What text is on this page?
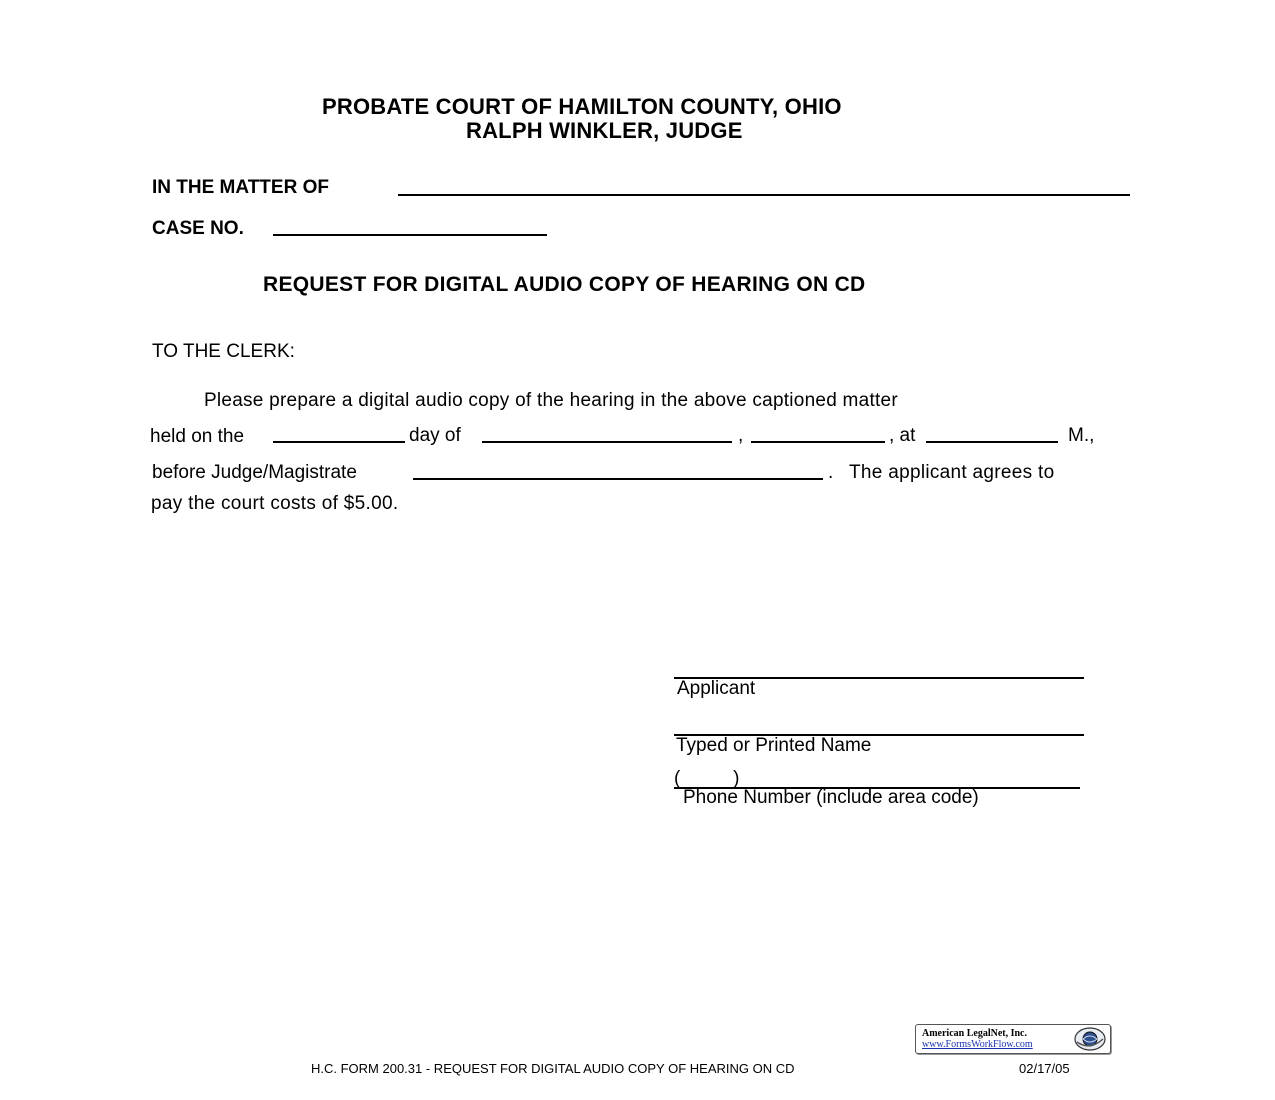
PROBATE COURT OF HAMILTON COUNTY, OHIO
RALPH WINKLER, JUDGE
IN THE MATTER OF
CASE NO.
REQUEST FOR DIGITAL AUDIO COPY OF HEARING ON CD
TO THE CLERK:
Please prepare a digital audio copy of the hearing in the above captioned matter
held on the	day of	,	, at	M.,
before Judge/Magistrate	. The applicant agrees to
pay the court costs of $5.00.
Applicant
Typed or Printed Name
(          )
Phone Number (include area code)
American LegalNet, Inc.
www.FormsWorkFlow.com
H.C. FORM 200.31 - REQUEST FOR DIGITAL AUDIO COPY OF HEARING ON CD	02/17/05
